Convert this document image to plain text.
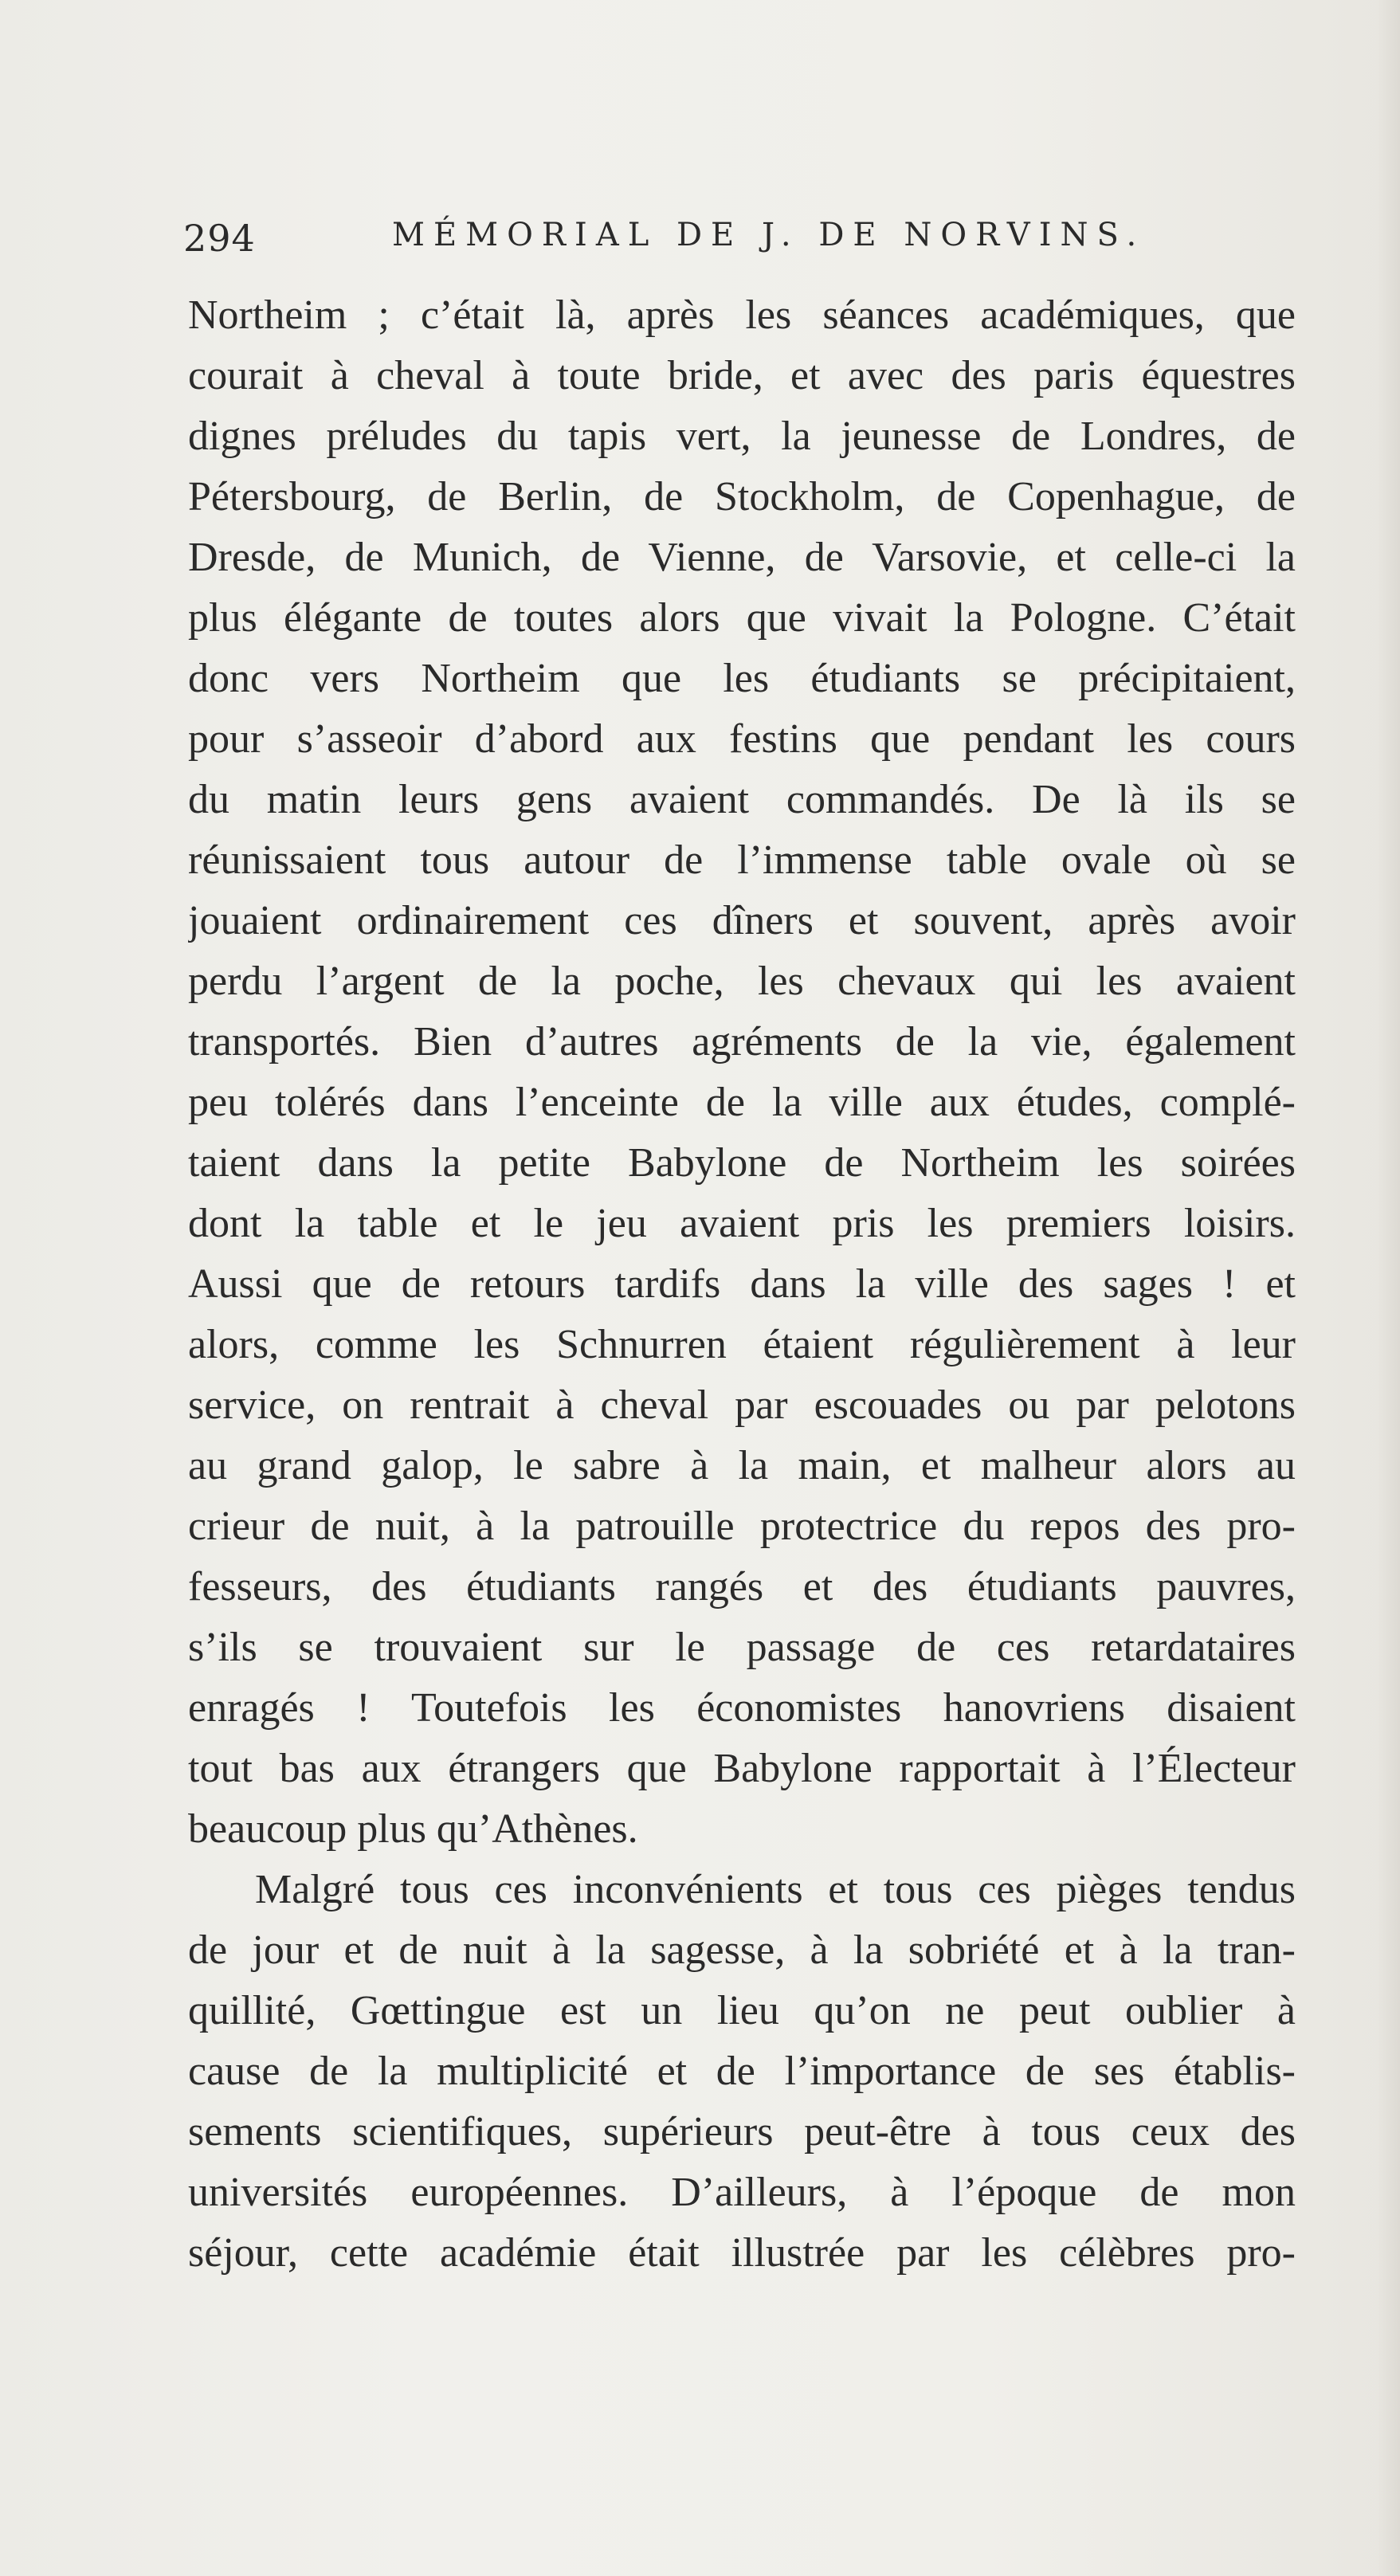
294	MÉMORIAL DE J. DE NORVINS.
Northeim ; c’était là, après les séances académiques, que
courait à cheval à toute bride, et avec des paris équestres
dignes préludes du tapis vert, la jeunesse de Londres, de
Pétersbourg, de Berlin, de Stockholm, de Copenhague, de
Dresde, de Munich, de Vienne, de Varsovie, et celle-ci la
plus élégante de toutes alors que vivait la Pologne. C’était
donc vers Northeim que les étudiants se précipitaient,
pour s’asseoir d’abord aux festins que pendant les cours
du matin leurs gens avaient commandés. De là ils se
réunissaient tous autour de l’immense table ovale où se
jouaient ordinairement ces dîners et souvent, après avoir
perdu l’argent de la poche, les chevaux qui les avaient
transportés. Bien d’autres agréments de la vie, également
peu tolérés dans l’enceinte de la ville aux études, complé-
taient dans la petite Babylone de Northeim les soirées
dont la table et le jeu avaient pris les premiers loisirs.
Aussi que de retours tardifs dans la ville des sages ! et
alors, comme les Schnurren étaient régulièrement à leur
service, on rentrait à cheval par escouades ou par pelotons
au grand galop, le sabre à la main, et malheur alors au
crieur de nuit, à la patrouille protectrice du repos des pro-
fesseurs, des étudiants rangés et des étudiants pauvres,
s’ils se trouvaient sur le passage de ces retardataires
enragés ! Toutefois les économistes hanovriens disaient
tout bas aux étrangers que Babylone rapportait à l’Électeur
beaucoup plus qu’Athènes.
Malgré tous ces inconvénients et tous ces pièges tendus
de jour et de nuit à la sagesse, à la sobriété et à la tran-
quillité, Gœttingue est un lieu qu’on ne peut oublier à
cause de la multiplicité et de l’importance de ses établis-
sements scientifiques, supérieurs peut-être à tous ceux des
universités européennes. D’ailleurs, à l’époque de mon
séjour, cette académie était illustrée par les célèbres pro-
